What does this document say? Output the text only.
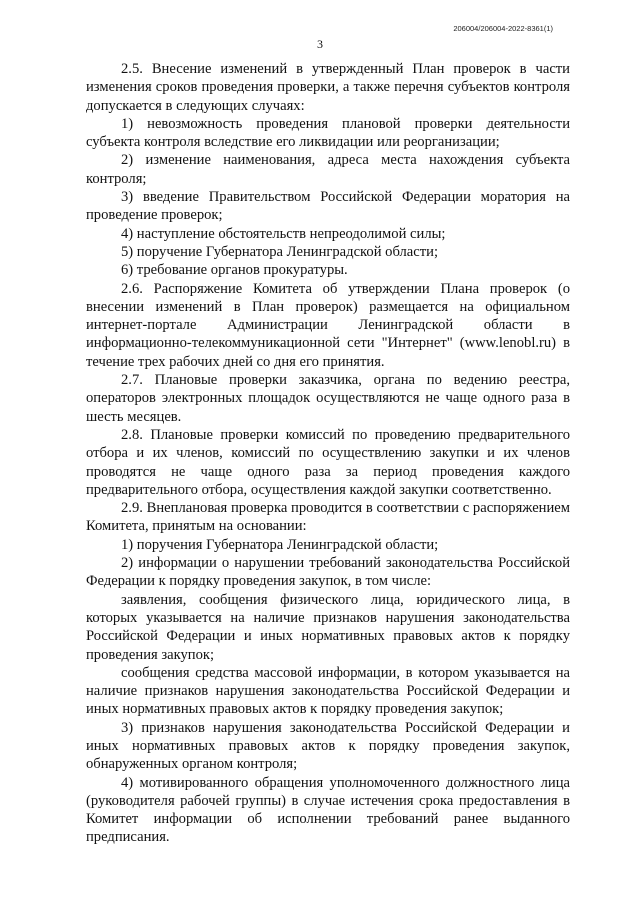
206004/206004-2022-8361(1)
3

2.5. Внесение изменений в утвержденный План проверок в части изменения сроков проведения проверки, а также перечня субъектов контроля допускается в следующих случаях:

1) невозможность проведения плановой проверки деятельности субъекта контроля вследствие его ликвидации или реорганизации;

2) изменение наименования, адреса места нахождения субъекта контроля;

3) введение Правительством Российской Федерации моратория на проведение проверок;

4) наступление обстоятельств непреодолимой силы;

5) поручение Губернатора Ленинградской области;

6) требование органов прокуратуры.

2.6. Распоряжение Комитета об утверждении Плана проверок (о внесении изменений в План проверок) размещается на официальном интернет-портале Администрации Ленинградской области в информационно-телекоммуникационной сети "Интернет" (www.lenobl.ru) в течение трех рабочих дней со дня его принятия.

2.7. Плановые проверки заказчика, органа по ведению реестра, операторов электронных площадок осуществляются не чаще одного раза в шесть месяцев.

2.8. Плановые проверки комиссий по проведению предварительного отбора и их членов, комиссий по осуществлению закупки и их членов проводятся не чаще одного раза за период проведения каждого предварительного отбора, осуществления каждой закупки соответственно.

2.9. Внеплановая проверка проводится в соответствии с распоряжением Комитета, принятым на основании:

1) поручения Губернатора Ленинградской области;

2) информации о нарушении требований законодательства Российской Федерации к порядку проведения закупок, в том числе:

заявления, сообщения физического лица, юридического лица, в которых указывается на наличие признаков нарушения законодательства Российской Федерации и иных нормативных правовых актов к порядку проведения закупок;

сообщения средства массовой информации, в котором указывается на наличие признаков нарушения законодательства Российской Федерации и иных нормативных правовых актов к порядку проведения закупок;

3) признаков нарушения законодательства Российской Федерации и иных нормативных правовых актов к порядку проведения закупок, обнаруженных органом контроля;

4) мотивированного обращения уполномоченного должностного лица (руководителя рабочей группы) в случае истечения срока предоставления в Комитет информации об исполнении требований ранее выданного предписания.
